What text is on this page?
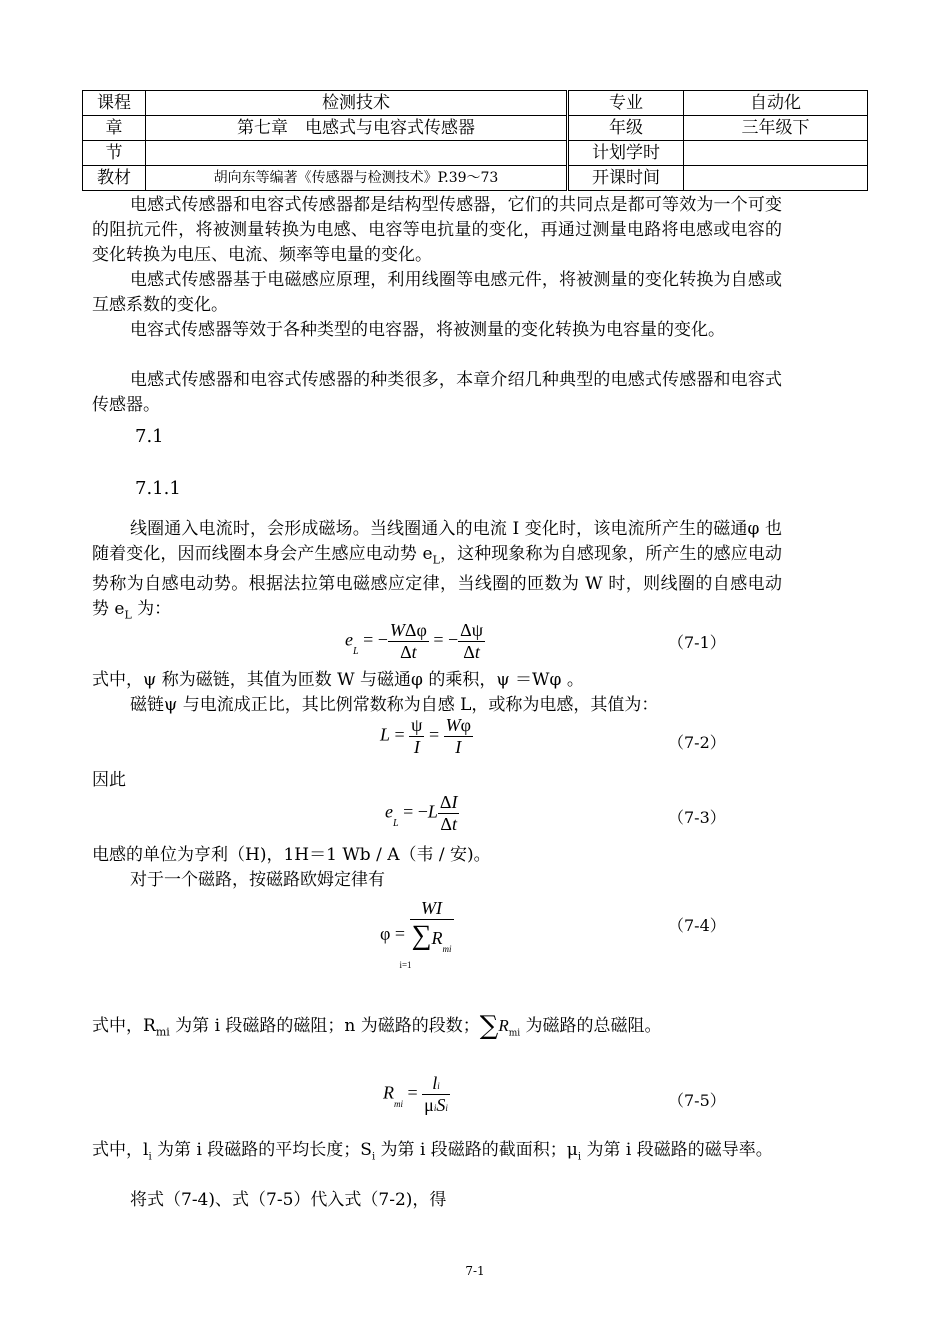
课程	检测技术	专业	自动化
章	第七章　电感式与电容式传感器	年级	三年级下
节		计划学时	
教材	胡向东等编著《传感器与检测技术》P.39～73	开课时间	
电感式传感器和电容式传感器都是结构型传感器，它们的共同点是都可等效为一个可变的阻抗元件，将被测量转换为电感、电容等电抗量的变化，再通过测量电路将电感或电容的变化转换为电压、电流、频率等电量的变化。
电感式传感器基于电磁感应原理，利用线圈等电感元件，将被测量的变化转换为自感或互感系数的变化。
电容式传感器等效于各种类型的电容器，将被测量的变化转换为电容量的变化。
电感式传感器和电容式传感器的种类很多，本章介绍几种典型的电感式传感器和电容式传感器。
7.1
7.1.1
线圈通入电流时，会形成磁场。当线圈通入的电流 I 变化时，该电流所产生的磁通φ 也随着变化，因而线圈本身会产生感应电动势 $e_L$，这种现象称为自感现象，所产生的感应电动势称为自感电动势。根据法拉第电磁感应定律，当线圈的匝数为 W 时，则线圈的自感电动势 $e_L$ 为：
$e_L$ = − $\frac{\text{WΔφ}}{\Delta t}$ = − $\frac{\Delta\psi}{\Delta t}$	（7-1）
式中，ψ 称为磁链，其值为匝数 W 与磁通φ 的乘积，ψ ＝Wφ 。
磁链ψ 与电流成正比，其比例常数称为自感 L，或称为电感，其值为：
$L = \frac{\psi}{I} = \frac{W\varphi}{I}$	（7-2）
因此
$e_L = -L \frac{\Delta I}{\Delta t}$	（7-3）
电感的单位为亨利（H)，1H＝1 Wb / A（韦 / 安)。
对于一个磁路，按磁路欧姆定律有
φ =
WI
$\sum R_{mi}$
i=1
（7-4）
式中，$R_{mi}$ 为第 i 段磁路的磁阻；n 为磁路的段数；$\sum R_{mi}$ 为磁路的总磁阻。
$R_{mi} = \frac{li}{\text{μiSi}}$	（7-5）
式中，$l_i$ 为第 i 段磁路的平均长度；$S_i$ 为第 i 段磁路的截面积；$\mu_i$ 为第 i 段磁路的磁导率。
将式（7-4)、式（7-5）代入式（7-2)，得
7-1
